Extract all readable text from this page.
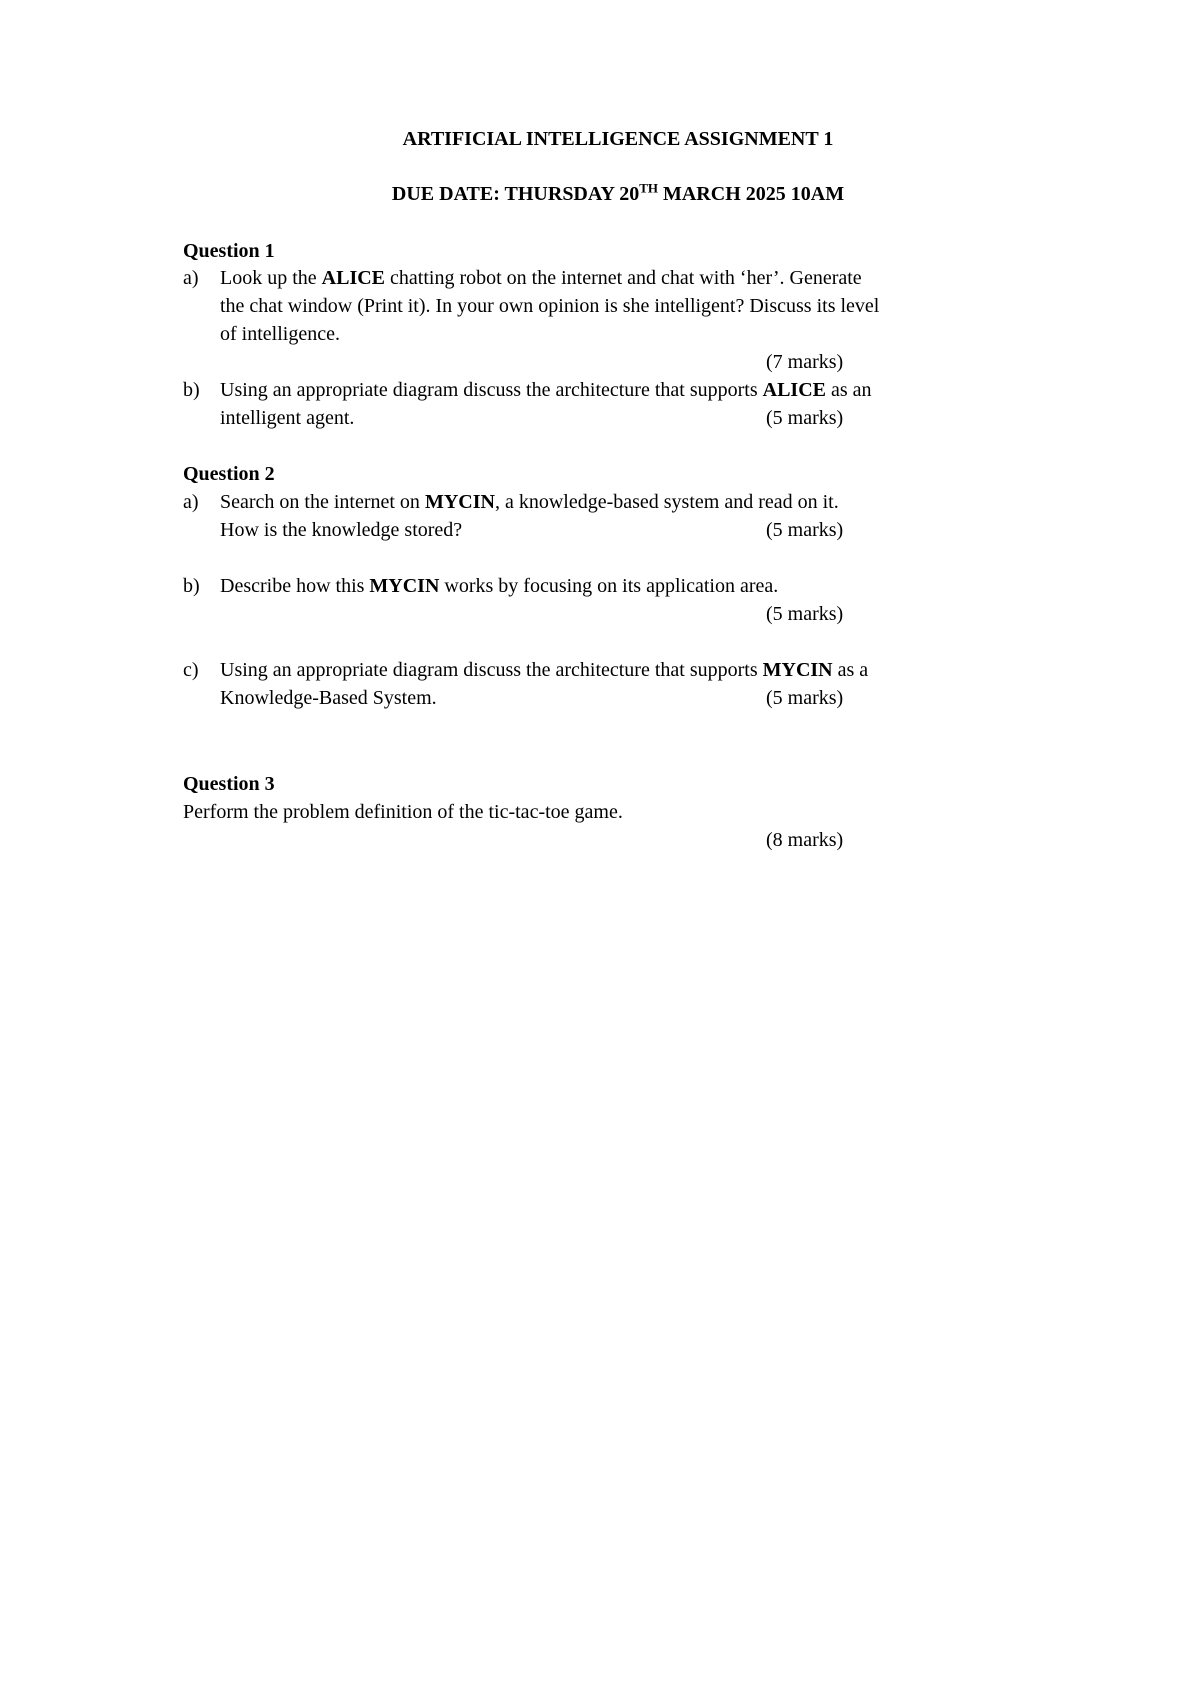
ARTIFICIAL INTELLIGENCE ASSIGNMENT 1
DUE DATE: THURSDAY 20TH MARCH 2025 10AM
Question 1
a) Look up the ALICE chatting robot on the internet and chat with ‘her’. Generate
the chat window (Print it). In your own opinion is she intelligent? Discuss its level
of intelligence.
(7 marks)
b) Using an appropriate diagram discuss the architecture that supports ALICE as an
intelligent agent.	(5 marks)
Question 2
a) Search on the internet on MYCIN, a knowledge-based system and read on it.
How is the knowledge stored?	(5 marks)
b) Describe how this MYCIN works by focusing on its application area.
(5 marks)
c) Using an appropriate diagram discuss the architecture that supports MYCIN as a
Knowledge-Based System.	(5 marks)
Question 3
Perform the problem definition of the tic-tac-toe game.
(8 marks)
